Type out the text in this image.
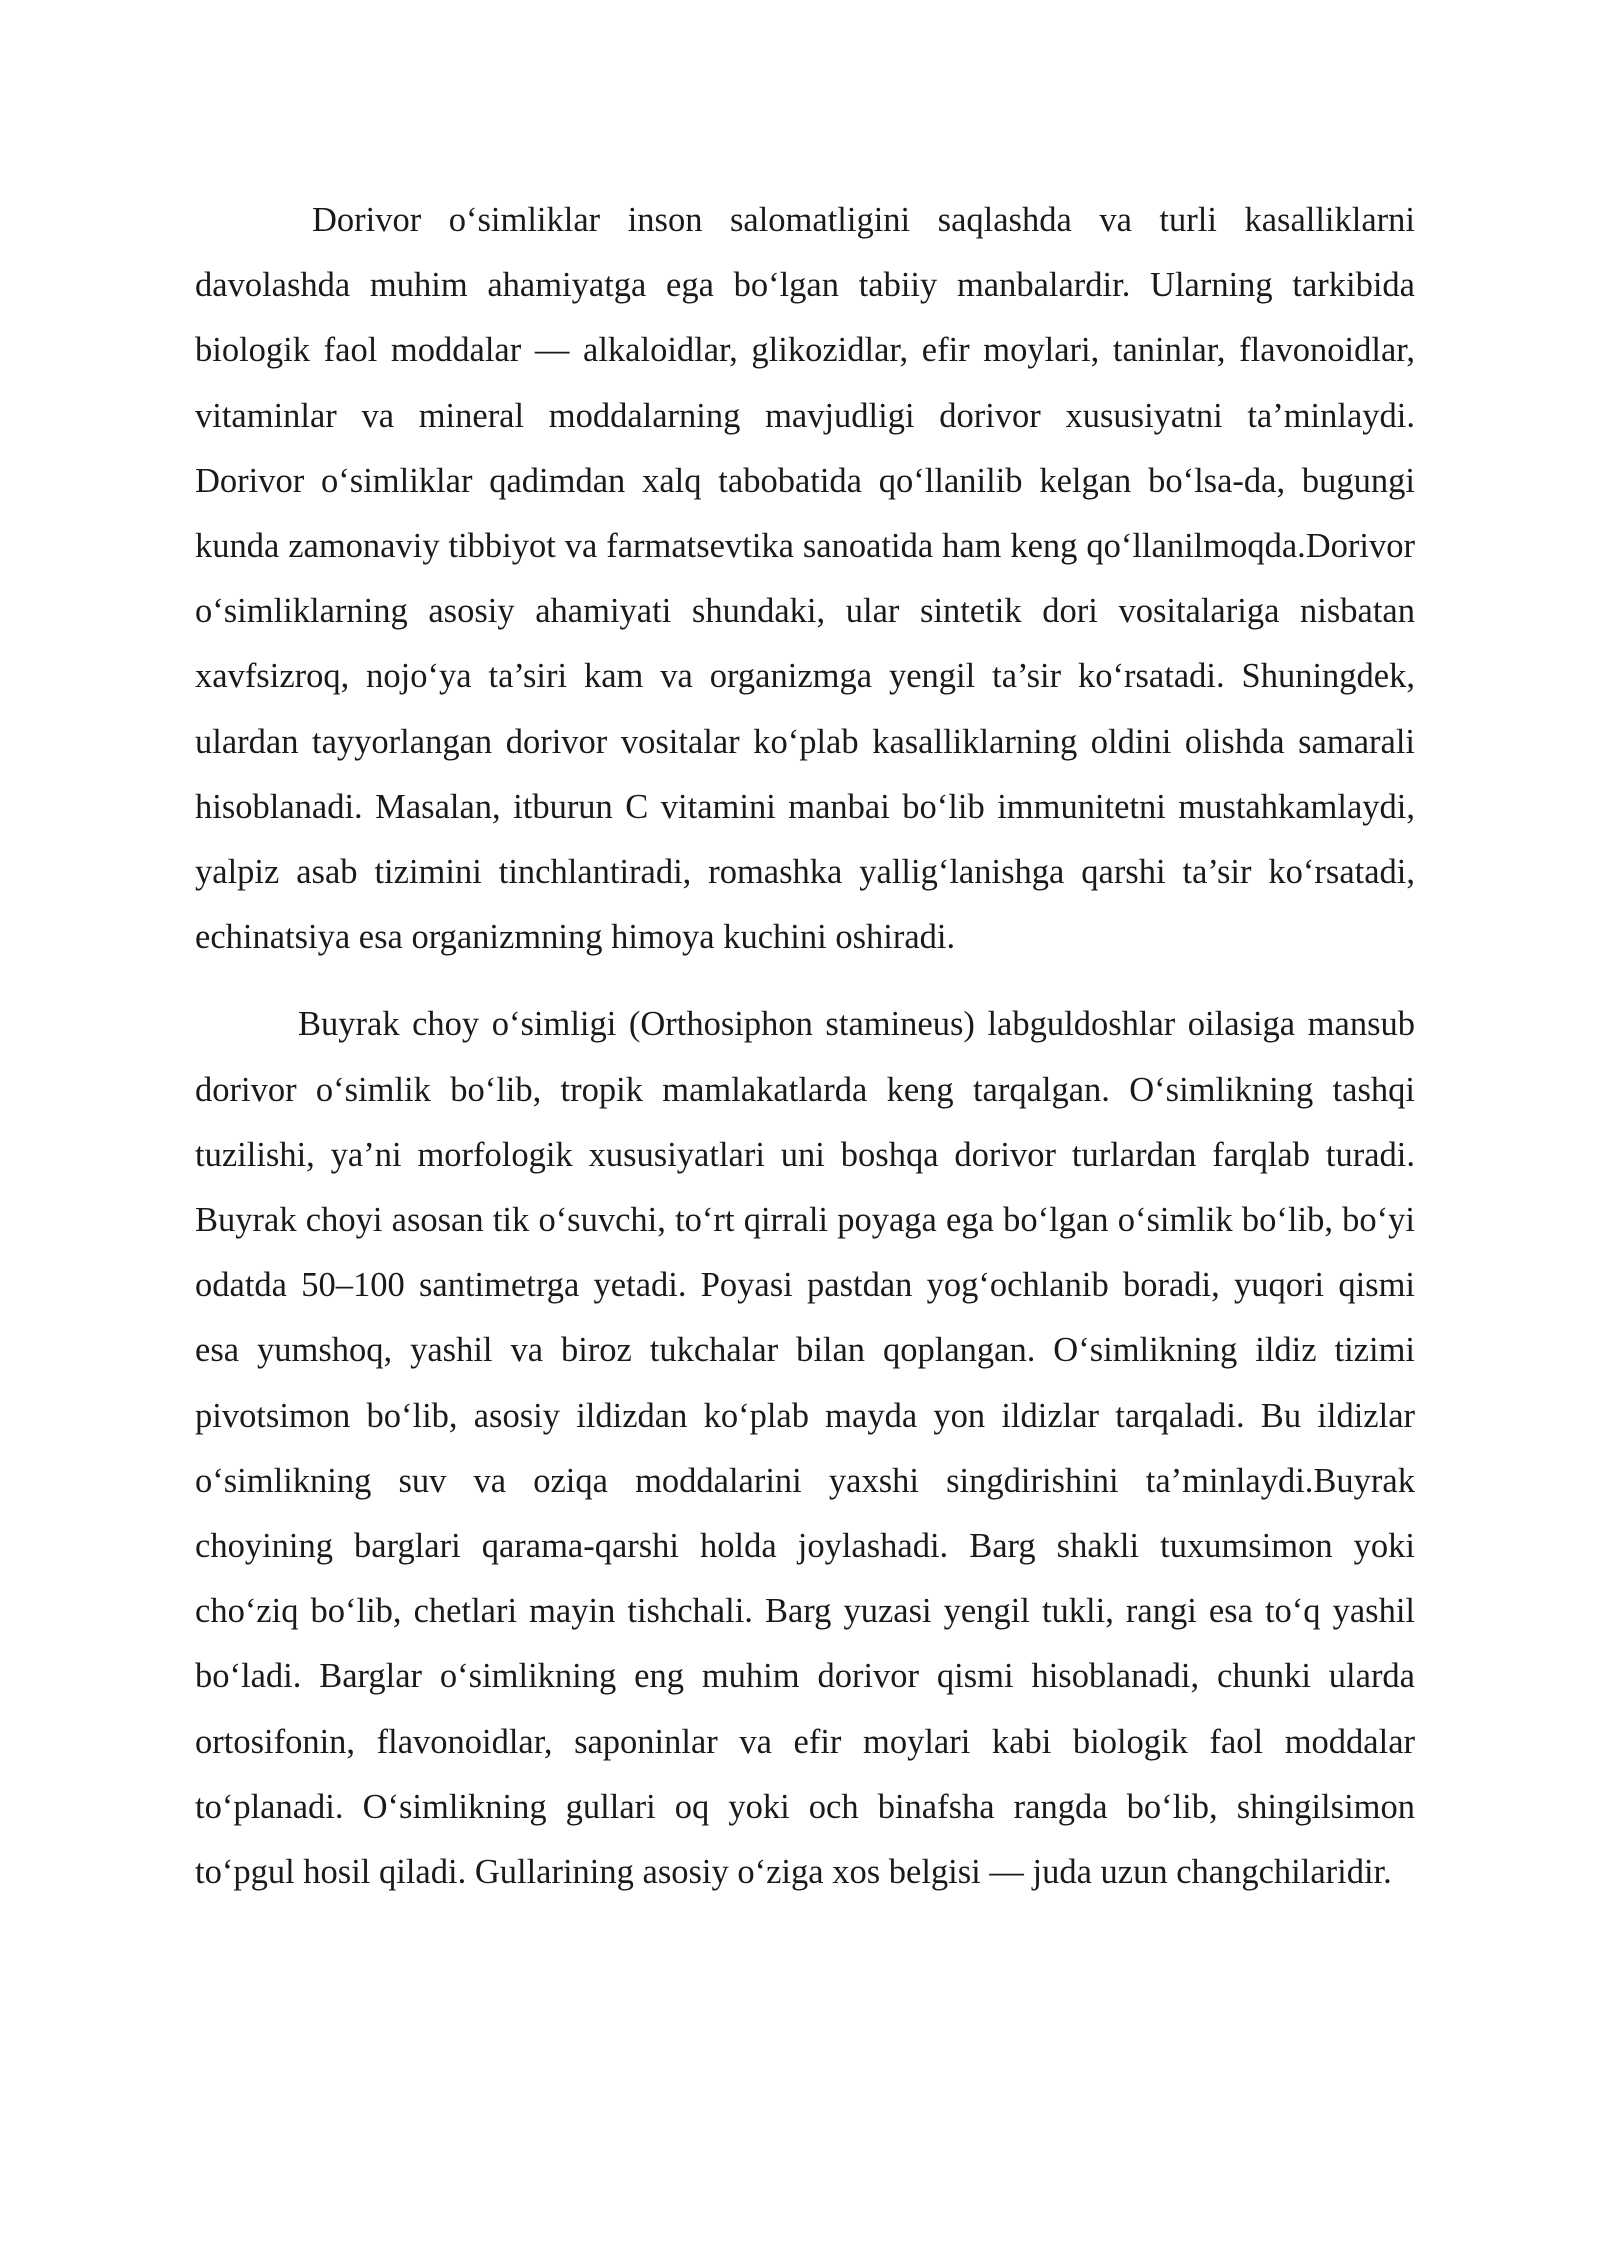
Dorivor o‘simliklar inson salomatligini saqlashda va turli kasalliklarni davolashda muhim ahamiyatga ega bo‘lgan tabiiy manbalardir. Ularning tarkibida biologik faol moddalar — alkaloidlar, glikozidlar, efir moylari, taninlar, flavonoidlar, vitaminlar va mineral moddalarning mavjudligi dorivor xususiyatni ta’minlaydi. Dorivor o‘simliklar qadimdan xalq tabobatida qo‘llanilib kelgan bo‘lsa-da, bugungi kunda zamonaviy tibbiyot va farmatsevtika sanoatida ham keng qo‘llanilmoqda.Dorivor o‘simliklarning asosiy ahamiyati shundaki, ular sintetik dori vositalariga nisbatan xavfsizroq, nojo‘ya ta’siri kam va organizmga yengil ta’sir ko‘rsatadi. Shuningdek, ulardan tayyorlangan dorivor vositalar ko‘plab kasalliklarning oldini olishda samarali hisoblanadi. Masalan, itburun C vitamini manbai bo‘lib immunitetni mustahkamlaydi, yalpiz asab tizimini tinchlantiradi, romashka yallig‘lanishga qarshi ta’sir ko‘rsatadi, echinatsiya esa organizmning himoya kuchini oshiradi.

Buyrak choy o‘simligi (Orthosiphon stamineus) labguldoshlar oilasiga mansub dorivor o‘simlik bo‘lib, tropik mamlakatlarda keng tarqalgan. O‘simlikning tashqi tuzilishi, ya’ni morfologik xususiyatlari uni boshqa dorivor turlardan farqlab turadi. Buyrak choyi asosan tik o‘suvchi, to‘rt qirrali poyaga ega bo‘lgan o‘simlik bo‘lib, bo‘yi odatda 50–100 santimetrga yetadi. Poyasi pastdan yog‘ochlanib boradi, yuqori qismi esa yumshoq, yashil va biroz tukchalar bilan qoplangan. O‘simlikning ildiz tizimi pivotsimon bo‘lib, asosiy ildizdan ko‘plab mayda yon ildizlar tarqaladi. Bu ildizlar o‘simlikning suv va oziqa moddalarini yaxshi singdirishini ta’minlaydi.Buyrak choyining barglari qarama-qarshi holda joylashadi. Barg shakli tuxumsimon yoki cho‘ziq bo‘lib, chetlari mayin tishchali. Barg yuzasi yengil tukli, rangi esa to‘q yashil bo‘ladi. Barglar o‘simlikning eng muhim dorivor qismi hisoblanadi, chunki ularda ortosifonin, flavonoidlar, saponinlar va efir moylari kabi biologik faol moddalar to‘planadi. O‘simlikning gullari oq yoki och binafsha rangda bo‘lib, shingilsimon to‘pgul hosil qiladi. Gullarining asosiy o‘ziga xos belgisi — juda uzun changchilaridir.
